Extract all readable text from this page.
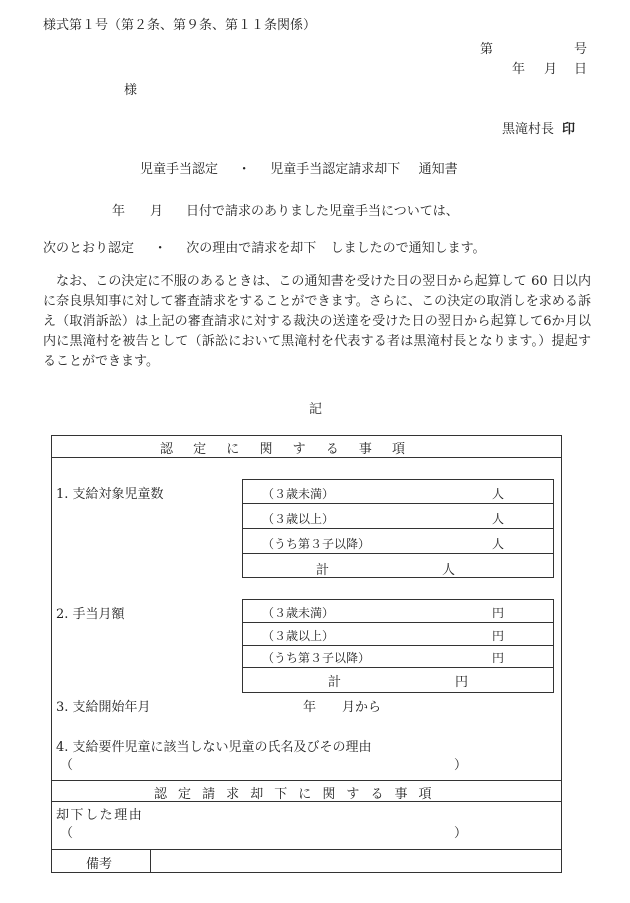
様式第１号（第２条、第９条、第１１条関係）
第	号
年 月 日
様
黒滝村長 印
児童手当認定 ・ 児童手当認定請求却下 通知書
年 月 日付で請求のありました児童手当については、
次のとおり認定 ・ 次の理由で請求を却下 しましたので通知します。
なお、この決定に不服のあるときは、この通知書を受けた日の翌日から起算して 60 日以内に奈良県知事に対して審査請求をすることができます。さらに、この決定の取消しを求める訴え（取消訴訟）は上記の審査請求に対する裁決の送達を受けた日の翌日から起算して6か月以内に黒滝村を被告として（訴訟において黒滝村を代表する者は黒滝村長となります。）提起することができます。
記
認定に関する事項
1. 支給対象児童数	（３歳未満）	人
（３歳以上）	人
（うち第３子以降）	人
計	人
2. 手当月額	（３歳未満）	円
（３歳以上）	円
（うち第３子以降）	円
計	円
3. 支給開始年月	年 月から
4. 支給要件児童に該当しない児童の氏名及びその理由
（	）
認定請求却下に関する事項
却下した理由
（	）
備考
